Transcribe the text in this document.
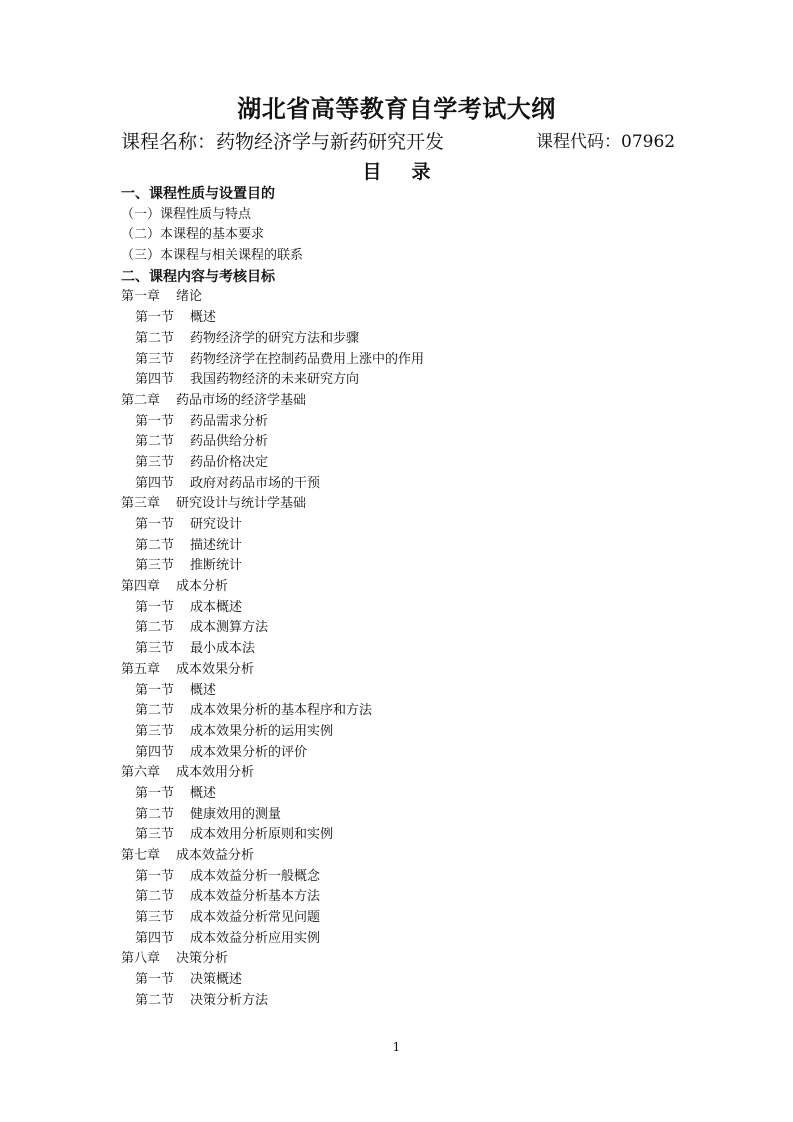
湖北省高等教育自学考试大纲
课程名称：药物经济学与新药研究开发	课程代码：07962
目 录
一、课程性质与设置目的
（一）课程性质与特点
（二）本课程的基本要求
（三）本课程与相关课程的联系
二、课程内容与考核目标
第一章 绪论
第一节 概述
第二节 药物经济学的研究方法和步骤
第三节 药物经济学在控制药品费用上涨中的作用
第四节 我国药物经济的未来研究方向
第二章 药品市场的经济学基础
第一节 药品需求分析
第二节 药品供给分析
第三节 药品价格决定
第四节 政府对药品市场的干预
第三章 研究设计与统计学基础
第一节 研究设计
第二节 描述统计
第三节 推断统计
第四章 成本分析
第一节 成本概述
第二节 成本测算方法
第三节 最小成本法
第五章 成本效果分析
第一节 概述
第二节 成本效果分析的基本程序和方法
第三节 成本效果分析的运用实例
第四节 成本效果分析的评价
第六章 成本效用分析
第一节 概述
第二节 健康效用的测量
第三节 成本效用分析原则和实例
第七章 成本效益分析
第一节 成本效益分析一般概念
第二节 成本效益分析基本方法
第三节 成本效益分析常见问题
第四节 成本效益分析应用实例
第八章 决策分析
第一节 决策概述
第二节 决策分析方法
1
